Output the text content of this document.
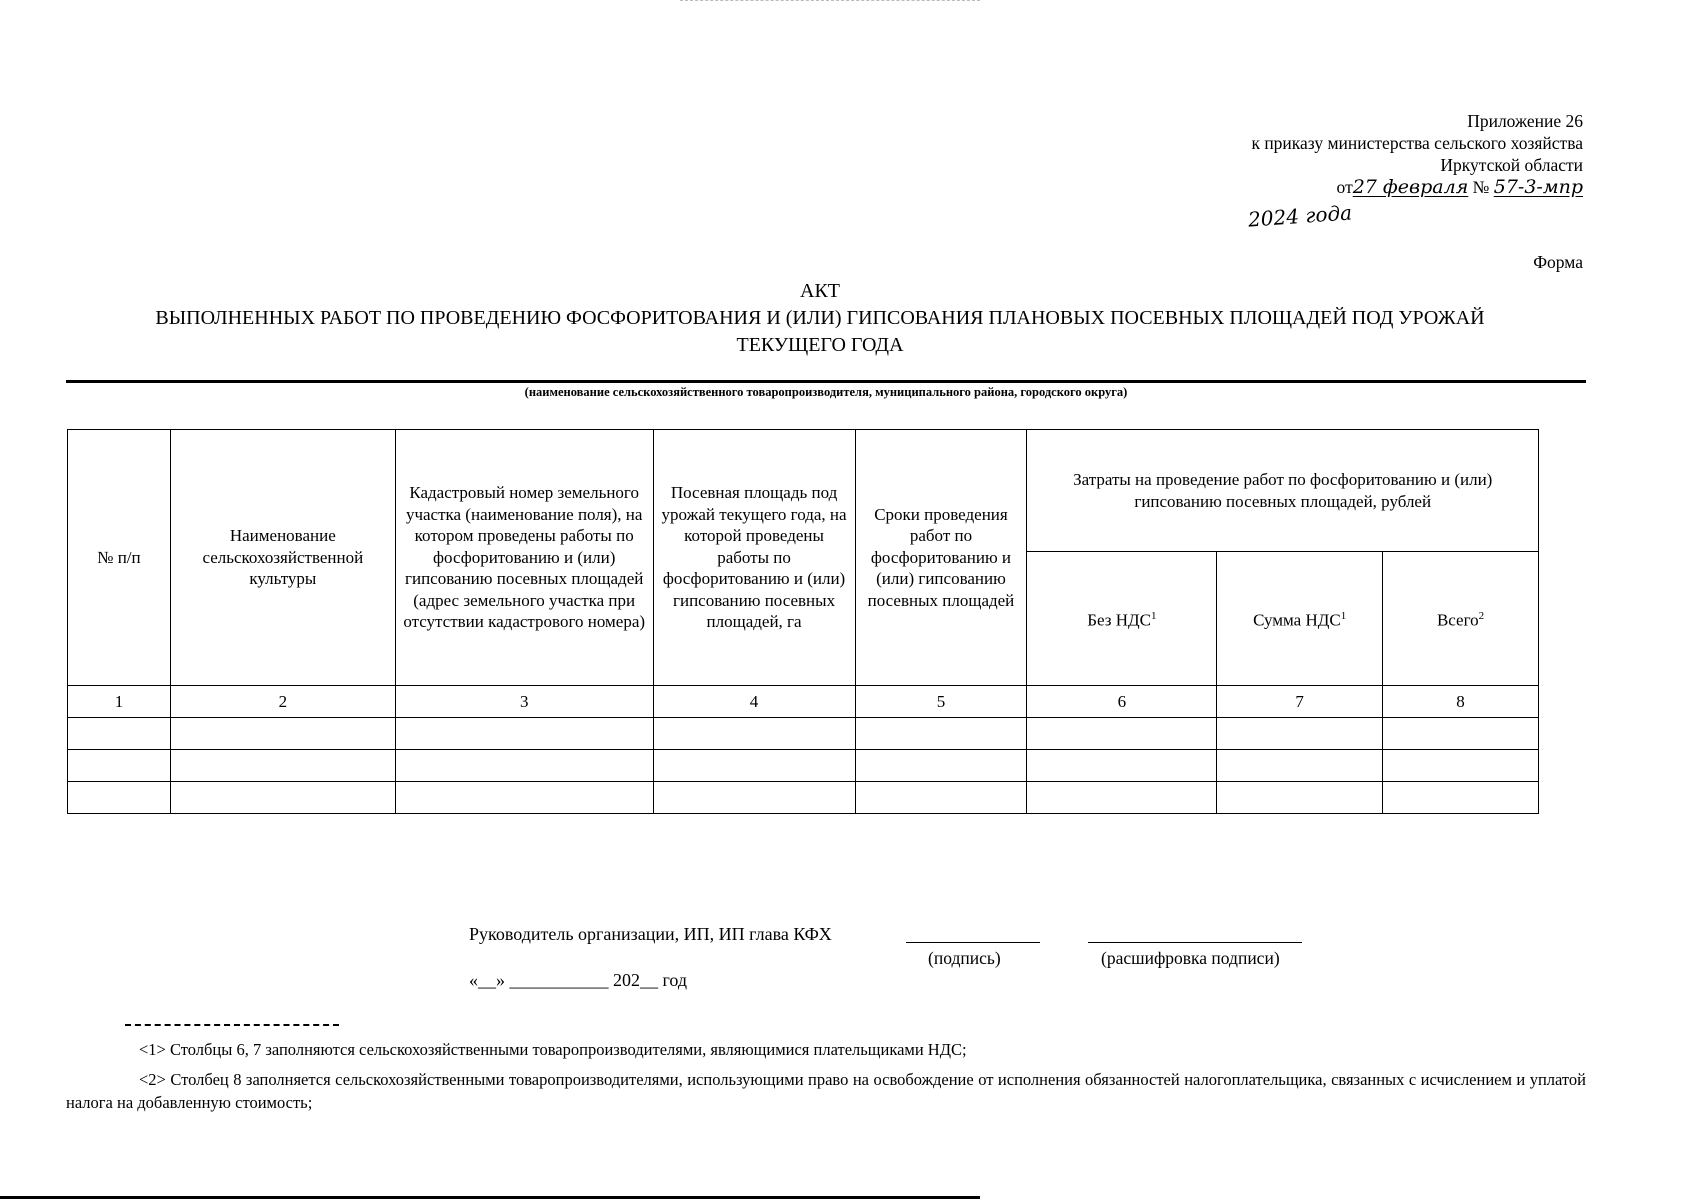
Приложение 26
к приказу министерства сельского хозяйства
Иркутской области
от27 февраля № 57-3-мпр
2024 года
Форма
АКТ
ВЫПОЛНЕННЫХ РАБОТ ПО ПРОВЕДЕНИЮ ФОСФОРИТОВАНИЯ И (ИЛИ) ГИПСОВАНИЯ ПЛАНОВЫХ ПОСЕВНЫХ ПЛОЩАДЕЙ ПОД УРОЖАЙ
ТЕКУЩЕГО ГОДА
(наименование сельскохозяйственного товаропроизводителя, муниципального района, городского округа)
№ п/п	Наименование сельскохозяйственной культуры	Кадастровый номер земельного участка (наименование поля), на котором проведены работы по фосфоритованию и (или) гипсованию посевных площадей (адрес земельного участка при отсутствии кадастрового номера)	Посевная площадь под урожай текущего года, на которой проведены работы по фосфоритованию и (или) гипсованию посевных площадей, га	Сроки проведения работ по фосфоритованию и (или) гипсованию посевных площадей	Затраты на проведение работ по фосфоритованию и (или) гипсованию посевных площадей, рублей		
					Без НДС$^1$	Сумма НДС$^1$	Всего$^2$
1	2	3	4	5	6	7	8

Руководитель организации, ИП, ИП глава КФХ
(подпись)	(расшифровка подписи)
«__» ___________ 202__ год
<1> Столбцы 6, 7 заполняются сельскохозяйственными товаропроизводителями, являющимися плательщиками НДС;
<2> Столбец 8 заполняется сельскохозяйственными товаропроизводителями, использующими право на освобождение от исполнения обязанностей налогоплательщика, связанных с исчислением и уплатой налога на добавленную стоимость;
